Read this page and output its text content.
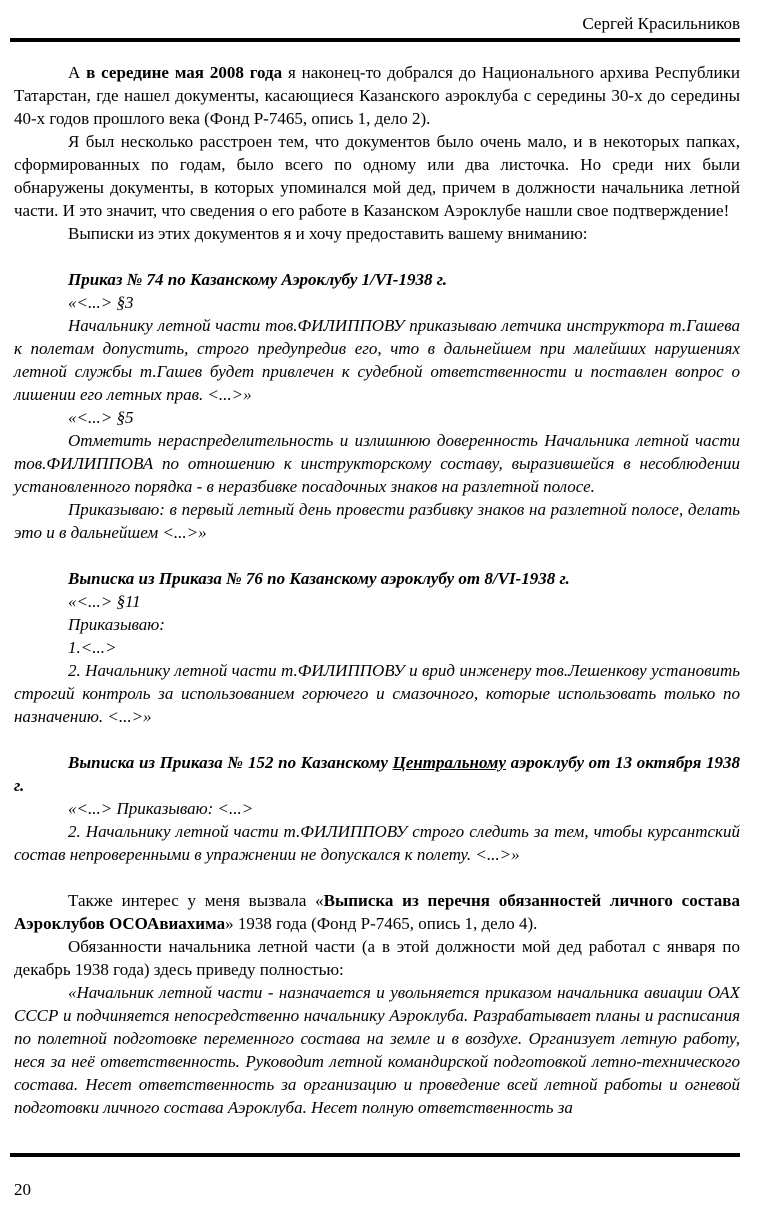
Сергей Красильников

А в середине мая 2008 года я наконец-то добрался до Национального архива Республики Татарстан, где нашел документы, касающиеся Казанского аэроклуба с середины 30-х до середины 40-х годов прошлого века (Фонд Р-7465, опись 1, дело 2).

Я был несколько расстроен тем, что документов было очень мало, и в некоторых папках, сформированных по годам, было всего по одному или два листочка. Но среди них были обнаружены документы, в которых упоминался мой дед, причем в должности начальника летной части. И это значит, что сведения о его работе в Казанском Аэроклубе нашли свое подтверждение!

Выписки из этих документов я и хочу предоставить вашему вниманию:

Приказ № 74 по Казанскому Аэроклубу 1/VI-1938 г.

«<...> §3

Начальнику летной части тов.ФИЛИППОВУ приказываю летчика инструктора т.Гашева к полетам допустить, строго предупредив его, что в дальнейшем при малейших нарушениях летной службы т.Гашев будет привлечен к судебной ответственности и поставлен вопрос о лишении его летных прав. <...>»

«<...> §5

Отметить нераспределительность и излишнюю доверенность Начальника летной части тов.ФИЛИППОВА по отношению к инструкторскому составу, выразившейся в несоблюдении установленного порядка - в неразбивке посадочных знаков на разлетной полосе.

Приказываю: в первый летный день провести разбивку знаков на разлетной полосе, делать это и в дальнейшем <...>»

Выписка из Приказа № 76 по Казанскому аэроклубу от 8/VI-1938 г.

«<...> §11

Приказываю:

1.<...>

2. Начальнику летной части т.ФИЛИППОВУ и врид инженеру тов.Лешенкову установить строгий контроль за использованием горючего и смазочного, которые использовать только по назначению. <...>»

Выписка из Приказа № 152 по Казанскому Центральному аэроклубу от 13 октября 1938 г.

«<...> Приказываю: <...>

2. Начальнику летной части т.ФИЛИППОВУ строго следить за тем, чтобы курсантский состав непроверенными в упражнении не допускался к полету. <...>»

Также интерес у меня вызвала «Выписка из перечня обязанностей личного состава Аэроклубов ОСОАвиахима» 1938 года (Фонд Р-7465, опись 1, дело 4).

Обязанности начальника летной части (а в этой должности мой дед работал с января по декабрь 1938 года) здесь приведу полностью:

«Начальник летной части - назначается и увольняется приказом начальника авиации ОАХ СССР и подчиняется непосредственно начальнику Аэроклуба. Разрабатывает планы и расписания по полетной подготовке переменного состава на земле и в воздухе. Организует летную работу, неся за неё ответственность. Руководит летной командирской подготовкой летно-технического состава. Несет ответственность за организацию и проведение всей летной работы и огневой подготовки личного состава Аэроклуба. Несет полную ответственность за

20
